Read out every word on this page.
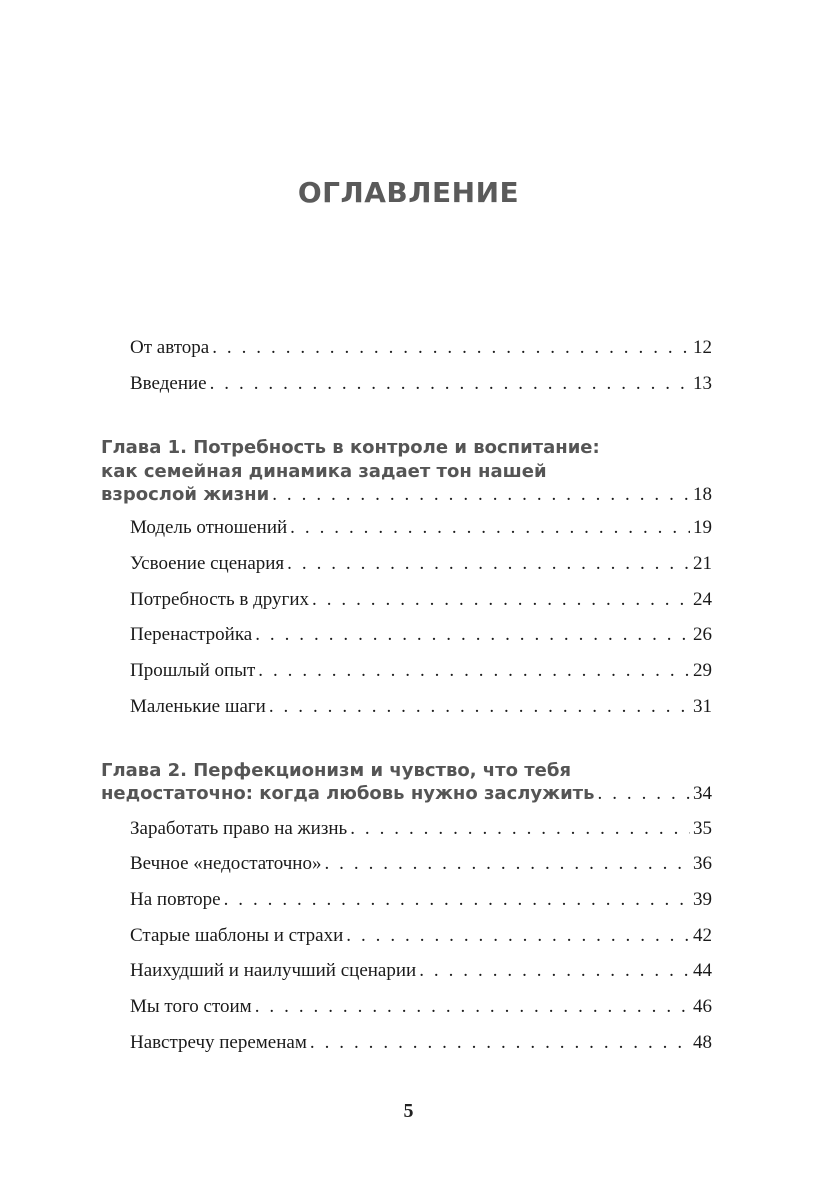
ОГЛАВЛЕНИЕ
От автора . . .	12
Введение . . .	13
Глава 1. Потребность в контроле и воспитание:
как семейная динамика задает тон нашей
взрослой жизни . . .	18
Модель отношений . . .	19
Усвоение сценария . . .	21
Потребность в других . . .	24
Перенастройка . . .	26
Прошлый опыт . . .	29
Маленькие шаги . . .	31
Глава 2. Перфекционизм и чувство, что тебя
недостаточно: когда любовь нужно заслужить . . .	34
Заработать право на жизнь . . .	35
Вечное «недостаточно» . . .	36
На повторе . . .	39
Старые шаблоны и страхи . . .	42
Наихудший и наилучший сценарии . . .	44
Мы того стоим . . .	46
Навстречу переменам . . .	48
5
